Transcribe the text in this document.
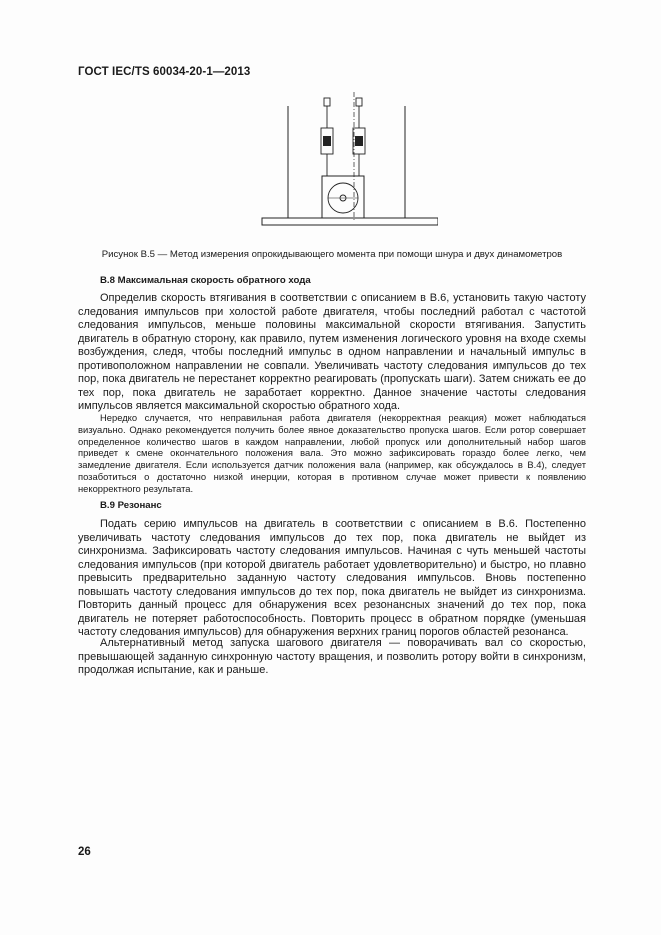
ГОСТ IEC/TS 60034-20-1—2013
Рисунок B.5 — Метод измерения опрокидывающего момента при помощи шнура и двух динамометров
B.8 Максимальная скорость обратного хода

Определив скорость втягивания в соответствии с описанием в B.6, установить такую частоту следования импульсов при холостой работе двигателя, чтобы последний работал с частотой следования импульсов, меньше половины максимальной скорости втягивания. Запустить двигатель в обратную сторону, как правило, путем изменения логического уровня на входе схемы возбуждения, следя, чтобы последний импульс в одном направлении и начальный импульс в противоположном направлении не совпали. Увеличивать частоту следования импульсов до тех пор, пока двигатель не перестанет корректно реагировать (пропускать шаги). Затем снижать ее до тех пор, пока двигатель не заработает корректно. Данное значение частоты следования импульсов является максимальной скоростью обратного хода.

Нередко случается, что неправильная работа двигателя (некорректная реакция) может наблюдаться визуально. Однако рекомендуется получить более явное доказательство пропуска шагов. Если ротор совершает определенное количество шагов в каждом направлении, любой пропуск или дополнительный набор шагов приведет к смене окончательного положения вала. Это можно зафиксировать гораздо более легко, чем замедление двигателя. Если используется датчик положения вала (например, как обсуждалось в B.4), следует позаботиться о достаточно низкой инерции, которая в противном случае может привести к появлению некорректного результата.

B.9 Резонанс

Подать серию импульсов на двигатель в соответствии с описанием в B.6. Постепенно увеличивать частоту следования импульсов до тех пор, пока двигатель не выйдет из синхронизма. Зафиксировать частоту следования импульсов. Начиная с чуть меньшей частоты следования импульсов (при которой двигатель работает удовлетворительно) и быстро, но плавно превысить предварительно заданную частоту следования импульсов. Вновь постепенно повышать частоту следования импульсов до тех пор, пока двигатель не выйдет из синхронизма. Повторить данный процесс для обнаружения всех резонансных значений до тех пор, пока двигатель не потеряет работоспособность. Повторить процесс в обратном порядке (уменьшая частоту следования импульсов) для обнаружения верхних границ порогов областей резонанса.

Альтернативный метод запуска шагового двигателя — поворачивать вал со скоростью, превышающей заданную синхронную частоту вращения, и позволить ротору войти в синхронизм, продолжая испытание, как и раньше.

26
